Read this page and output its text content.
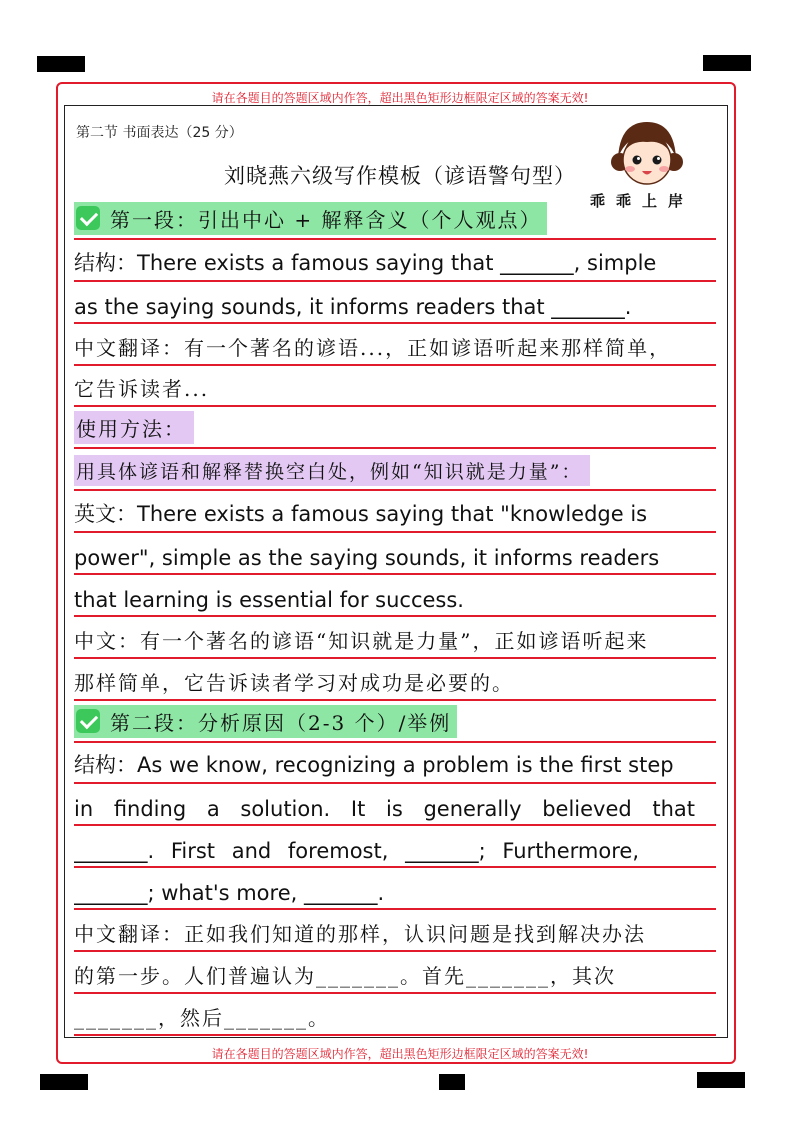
请在各题目的答题区域内作答，超出黑色矩形边框限定区域的答案无效!
请在各题目的答题区域内作答，超出黑色矩形边框限定区域的答案无效!
第二节 书面表达（25 分）
刘晓燕六级写作模板（谚语警句型）
乖乖上岸
第一段：引出中心 + 解释含义（个人观点）
结构：There exists a famous saying that _______, simple
as the saying sounds, it informs readers that _______.
中文翻译：有一个著名的谚语...，正如谚语听起来那样简单，
它告诉读者...
使用方法：
用具体谚语和解释替换空白处，例如“知识就是力量”：
英文：There exists a famous saying that "knowledge is
power", simple as the saying sounds, it informs readers
that learning is essential for success.
中文：有一个著名的谚语“知识就是力量”，正如谚语听起来
那样简单，它告诉读者学习对成功是必要的。
第二段：分析原因（2-3 个）/举例
结构：As we know, recognizing a problem is the first step
in finding a solution. It is generally believed that
_______. First and foremost, _______; Furthermore,
_______; what's more, _______.
中文翻译：正如我们知道的那样，认识问题是找到解决办法
的第一步。人们普遍认为_______。首先_______，其次
_______，然后_______。
